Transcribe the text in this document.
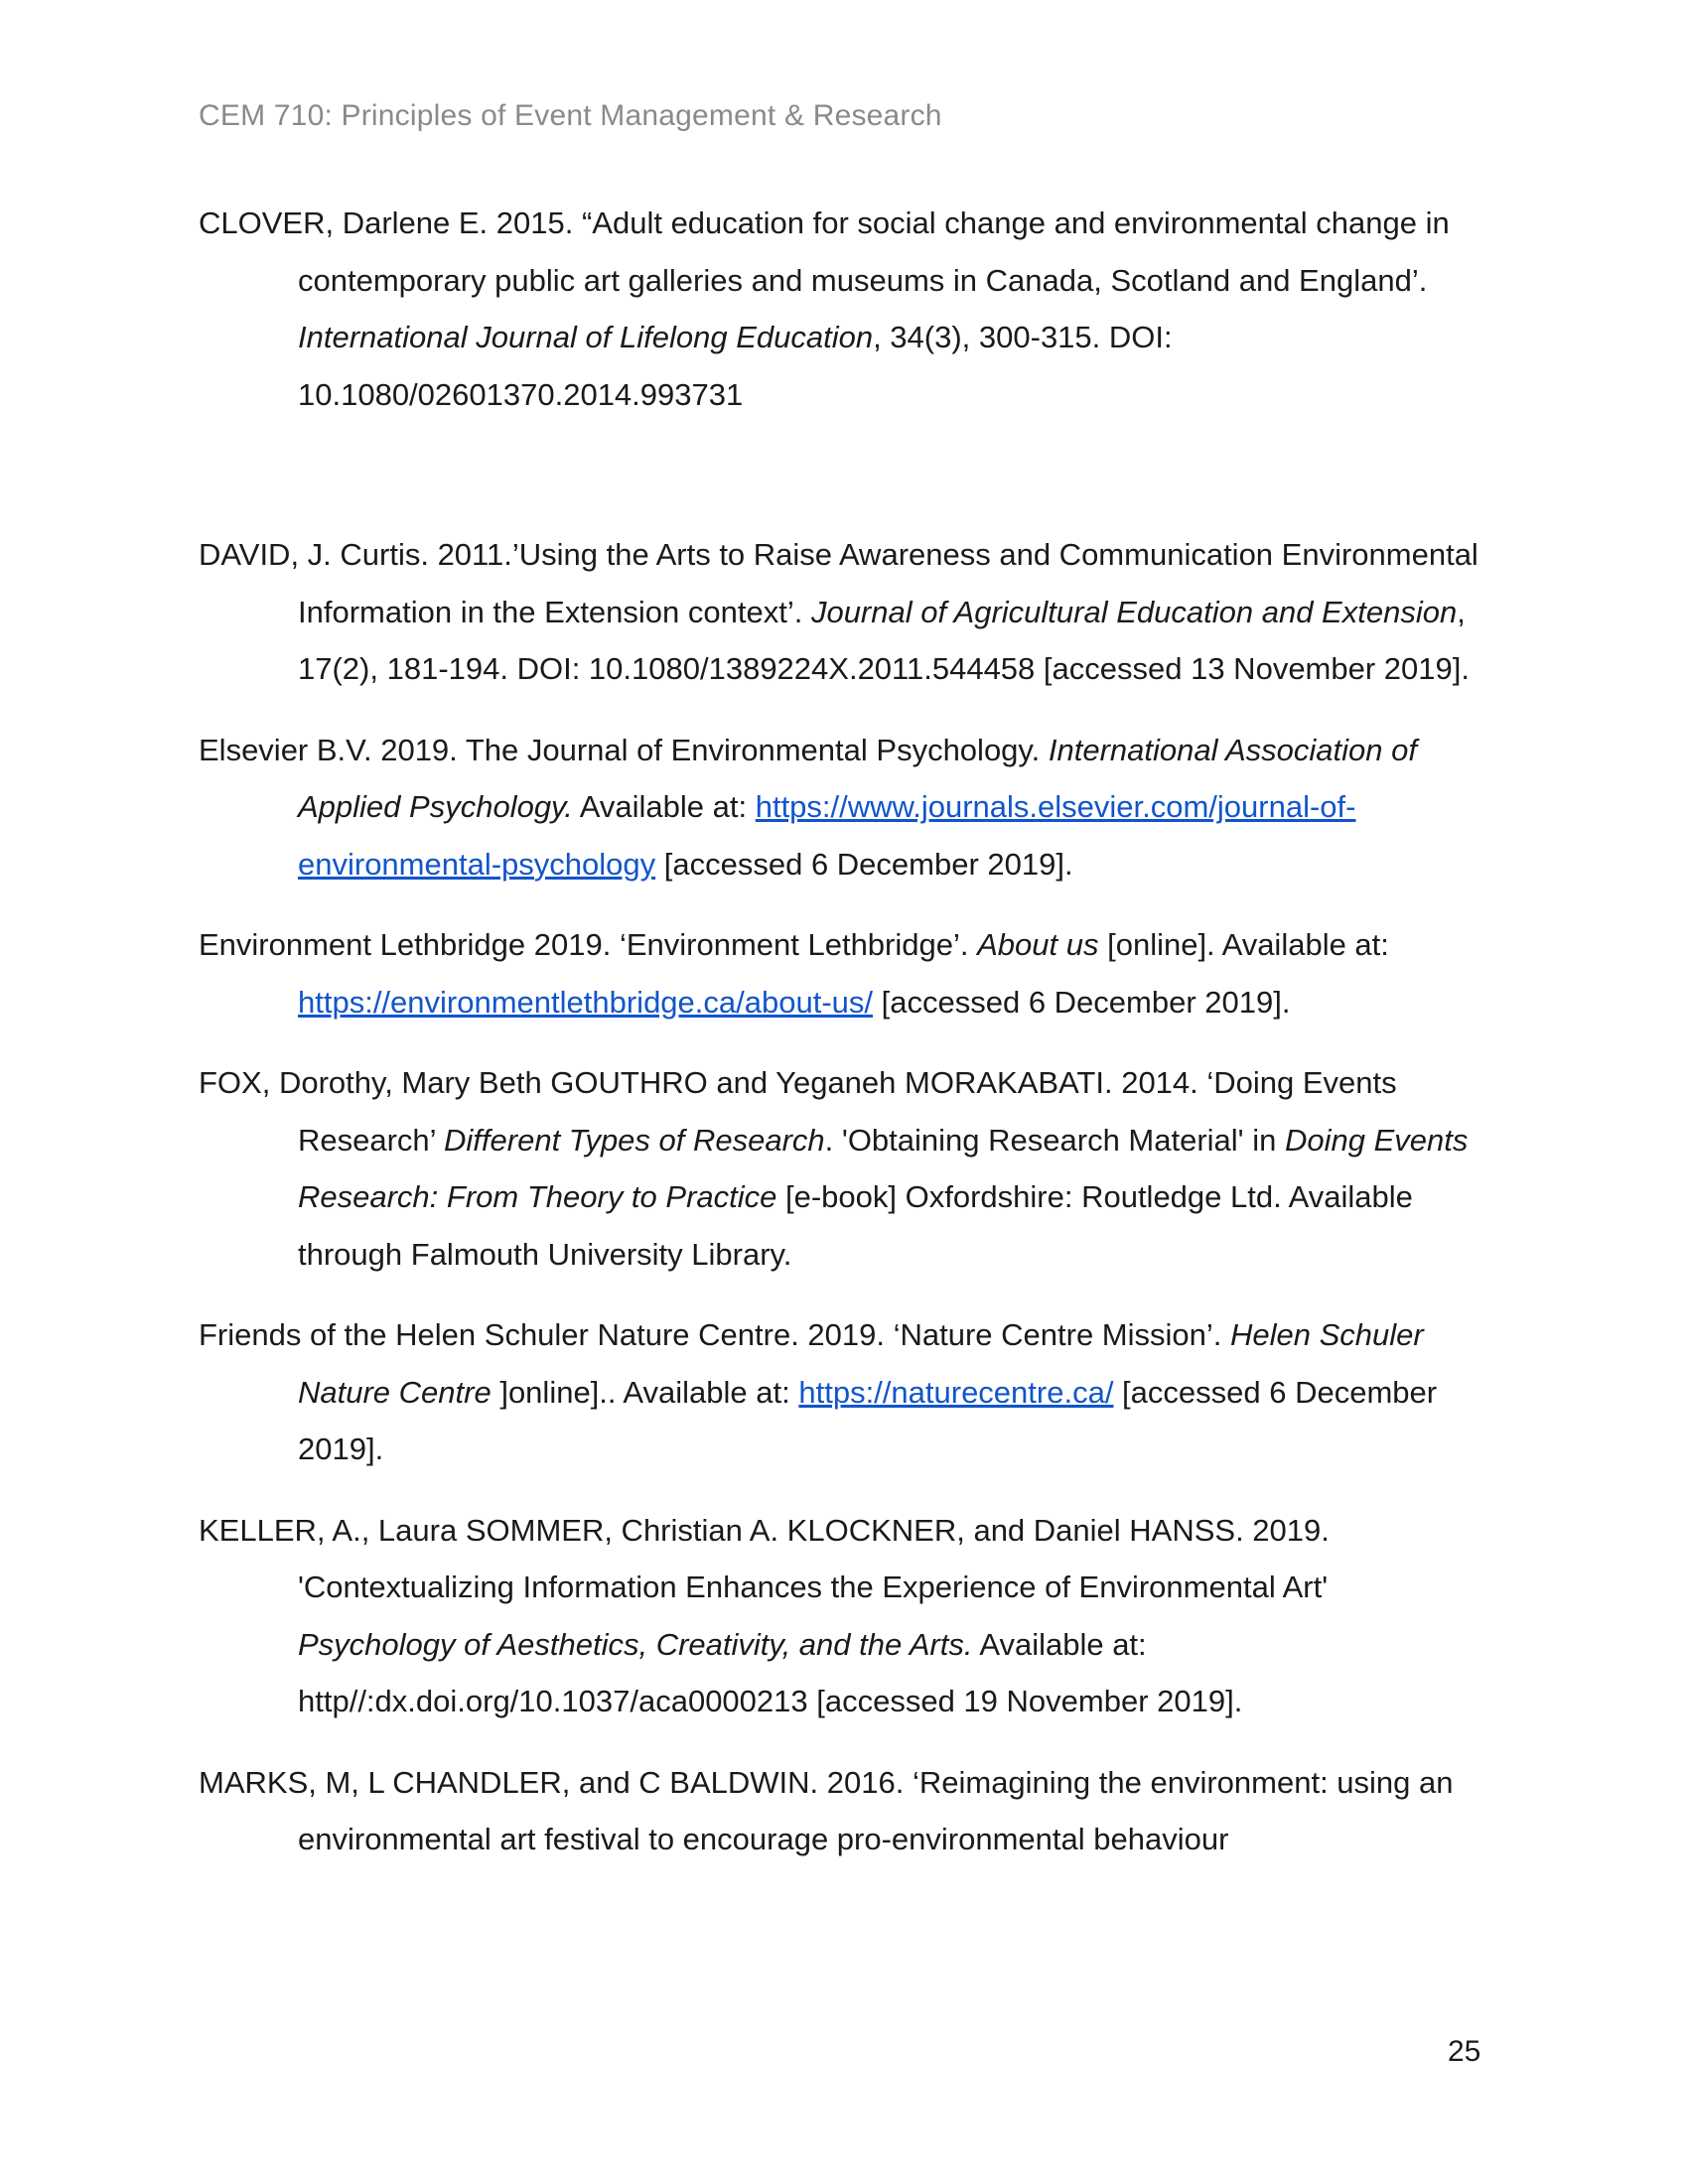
CEM 710: Principles of Event Management & Research

CLOVER, Darlene E. 2015. “Adult education for social change and environmental change in contemporary public art galleries and museums in Canada, Scotland and England’. International Journal of Lifelong Education, 34(3), 300-315. DOI: 10.1080/02601370.2014.993731

DAVID, J. Curtis. 2011.’Using the Arts to Raise Awareness and Communication Environmental Information in the Extension context’. Journal of Agricultural Education and Extension, 17(2), 181-194. DOI: 10.1080/1389224X.2011.544458 [accessed 13 November 2019].

Elsevier B.V. 2019. The Journal of Environmental Psychology. International Association of Applied Psychology. Available at: https://www.journals.elsevier.com/journal-of-environmental-psychology [accessed 6 December 2019].

Environment Lethbridge 2019. ‘Environment Lethbridge’. About us [online]. Available at: https://environmentlethbridge.ca/about-us/ [accessed 6 December 2019].

FOX, Dorothy, Mary Beth GOUTHRO and Yeganeh MORAKABATI. 2014. ‘Doing Events Research’ Different Types of Research. 'Obtaining Research Material' in Doing Events Research: From Theory to Practice [e-book] Oxfordshire: Routledge Ltd. Available through Falmouth University Library.

Friends of the Helen Schuler Nature Centre. 2019. ‘Nature Centre Mission’. Helen Schuler Nature Centre ]online].. Available at: https://naturecentre.ca/ [accessed 6 December 2019].

KELLER, A., Laura SOMMER, Christian A. KLOCKNER, and Daniel HANSS. 2019. 'Contextualizing Information Enhances the Experience of Environmental Art' Psychology of Aesthetics, Creativity, and the Arts. Available at: http//:dx.doi.org/10.1037/aca0000213 [accessed 19 November 2019].

MARKS, M, L CHANDLER, and C BALDWIN. 2016. ‘Reimagining the environment: using an environmental art festival to encourage pro-environmental behaviour

25
